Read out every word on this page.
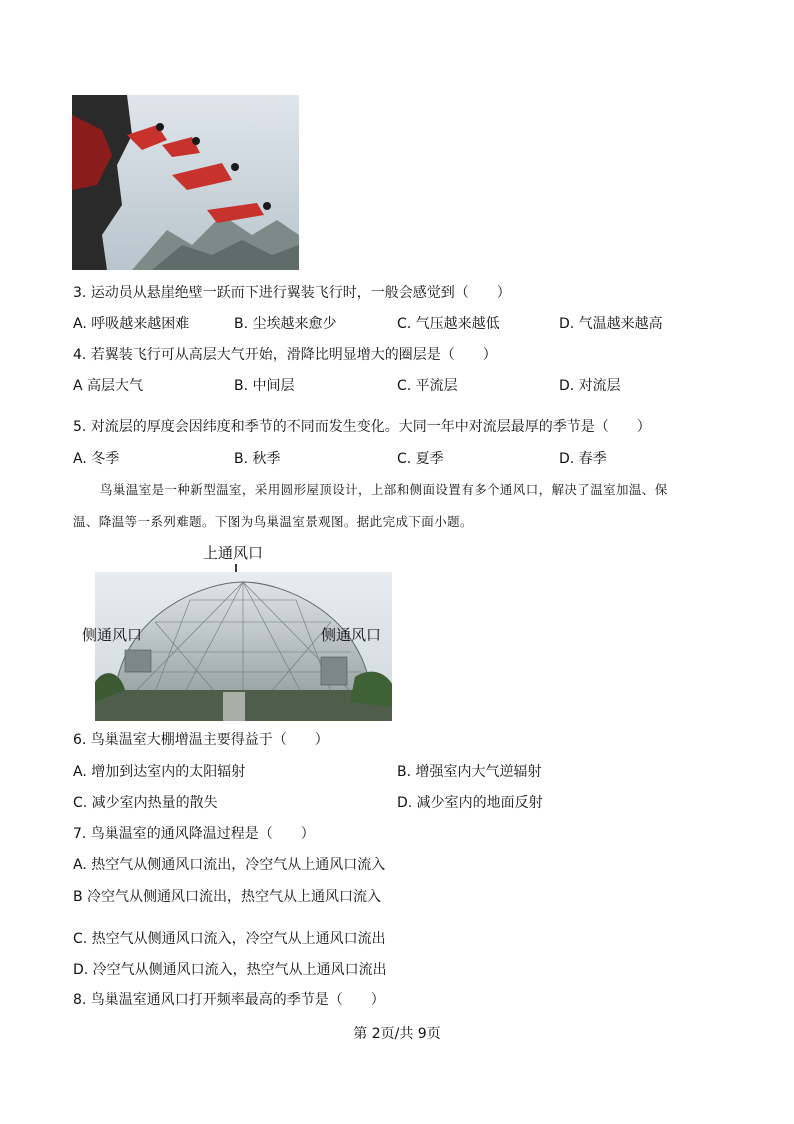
3. 运动员从悬崖绝壁一跃而下进行翼装飞行时，一般会感觉到（　　）
A. 呼吸越来越困难	B. 尘埃越来愈少	C. 气压越来越低	D. 气温越来越高
4. 若翼装飞行可从高层大气开始，滑降比明显增大的圈层是（　　）
A 高层大气	B. 中间层	C. 平流层	D. 对流层
5. 对流层的厚度会因纬度和季节的不同而发生变化。大同一年中对流层最厚的季节是（　　）
A. 冬季	B. 秋季	C. 夏季	D. 春季
鸟巢温室是一种新型温室，采用圆形屋顶设计，上部和侧面设置有多个通风口，解决了温室加温、保
温、降温等一系列难题。下图为鸟巢温室景观图。据此完成下面小题。
上通风口
侧通风口	侧通风口
6. 鸟巢温室大棚增温主要得益于（　　）
A. 增加到达室内的太阳辐射	B. 增强室内大气逆辐射
C. 减少室内热量的散失	D. 减少室内的地面反射
7. 鸟巢温室的通风降温过程是（　　）
A. 热空气从侧通风口流出，冷空气从上通风口流入
B 冷空气从侧通风口流出，热空气从上通风口流入
C. 热空气从侧通风口流入，冷空气从上通风口流出
D. 冷空气从侧通风口流入，热空气从上通风口流出
8. 鸟巢温室通风口打开频率最高的季节是（　　）
第 2页/共 9页
